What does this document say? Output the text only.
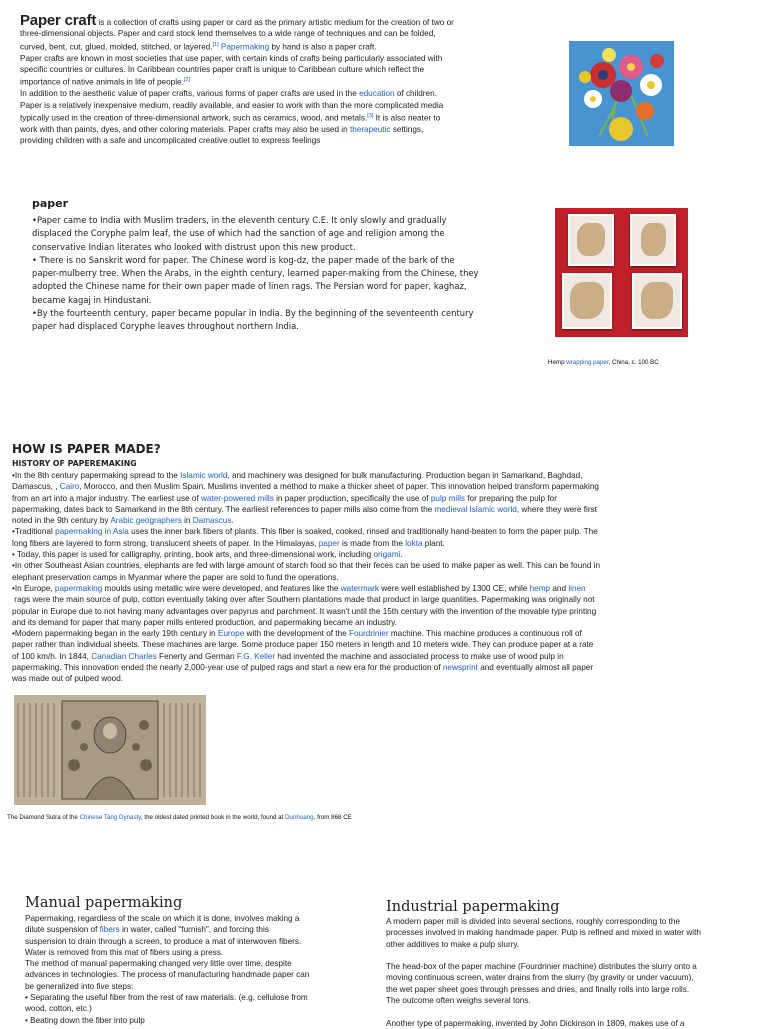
Paper craft is a collection of crafts using paper or card as the primary artistic medium for the creation of two or

three-dimensional objects. Paper and card stock lend themselves to a wide range of techniques and can be folded,

curved, bent, cut, glued, molded, stitched, or layered.[1] Papermaking by hand is also a paper craft.

Paper crafts are known in most societies that use paper, with certain kinds of crafts being particularly associated with

specific countries or cultures. In Caribbean countries paper craft is unique to Caribbean culture which reflect the

importance of native animals in life of people.[2]

In addition to the aesthetic value of paper crafts, various forms of paper crafts are used in the education of children.

Paper is a relatively inexpensive medium, readily available, and easier to work with than the more complicated media

typically used in the creation of three-dimensional artwork, such as ceramics, wood, and metals.[3] It is also neater to

work with than paints, dyes, and other coloring materials. Paper crafts may also be used in therapeutic settings,

providing children with a safe and uncomplicated creative outlet to express feelings

paper

•Paper came to India with Muslim traders, in the eleventh century C.E. It only slowly and gradually

displaced the Coryphe palm leaf, the use of which had the sanction of age and religion among the

conservative Indian literates who looked with distrust upon this new product.

• There is no Sanskrit word for paper. The Chinese word is kog-dz, the paper made of the bark of the

paper-mulberry tree. When the Arabs, in the eighth century, learned paper-making from the Chinese, they

adopted the Chinese name for their own paper made of linen rags. The Persian word for paper, kaghaz,

became kagaj in Hindustani.

•By the fourteenth century, paper became popular in India. By the beginning of the seventeenth century

paper had displaced Coryphe leaves throughout northern India.

Hemp wrapping paper, China, c. 100 BC
HOW IS PAPER MADE?
HISTORY OF PAPEREMAKING

•In the 8th century papermaking spread to the Islamic world, and machinery was designed for bulk manufacturing. Production began in Samarkand, Baghdad,

Damascus, , Cairo, Morocco, and then Muslim Spain. Muslims invented a method to make a thicker sheet of paper. This innovation helped transform papermaking

from an art into a major industry. The earliest use of water-powered mills in paper production, specifically the use of pulp mills for preparing the pulp for

papermaking, dates back to Samarkand in the 8th century. The earliest references to paper mills also come from the medieval Islamic world, where they were first

noted in the 9th century by Arabic geographers in Damascus.

•Traditional papermaking in Asia uses the inner bark fibers of plants. This fiber is soaked, cooked, rinsed and traditionally hand-beaten to form the paper pulp. The

long fibers are layered to form strong, translucent sheets of paper. In the Himalayas, paper is made from the lokta plant.

• Today, this paper is used for calligraphy, printing, book arts, and three-dimensional work, including origami.

•In other Southeast Asian countries, elephants are fed with large amount of starch food so that their feces can be used to make paper as well. This can be found in

elephant preservation camps in Myanmar where the paper are sold to fund the operations.

•In Europe, papermaking moulds using metallic wire were developed, and features like the watermark were well established by 1300 CE, while hemp and linen

rags were the main source of pulp, cotton eventually taking over after Southern plantations made that product in large quantities. Papermaking was originally not

popular in Europe due to not having many advantages over papyrus and parchment. It wasn't until the 15th century with the invention of the movable type printing

and its demand for paper that many paper mills entered production, and papermaking became an industry.

•Modern papermaking began in the early 19th century in Europe with the development of the Fourdrinier machine. This machine produces a continuous roll of

paper rather than individual sheets. These machines are large. Some produce paper 150 meters in length and 10 meters wide. They can produce paper at a rate

of 100 km/h. In 1844, Canadian Charles Fenerty and German F.G. Keller had invented the machine and associated process to make use of wood pulp in

papermaking. This innovation ended the nearly 2,000-year use of pulped rags and start a new era for the production of newsprint and eventually almost all paper

was made out of pulped wood.

The Diamond Sutra of the Chinese Tang Dynasty, the oldest dated printed book in the world, found at Dunhuang, from 868 CE
Manual papermaking

Papermaking, regardless of the scale on which it is done, involves making a

dilute suspension of fibers in water, called "furnish", and forcing this

suspension to drain through a screen, to produce a mat of interwoven fibers.

Water is removed from this mat of fibers using a press.

The method of manual papermaking changed very little over time, despite

advances in technologies. The process of manufacturing handmade paper can

be generalized into five steps:

• Separating the useful fiber from the rest of raw materials. (e.g. cellulose from

wood, cotton, etc.)

• Beating down the fiber into pulp

Industrial papermaking

A modern paper mill is divided into several sections, roughly corresponding to the

processes involved in making handmade paper. Pulp is refined and mixed in water with

other additives to make a pulp slurry.

The head-box of the paper machine (Fourdrinier machine) distributes the slurry onto a

moving continuous screen, water drains from the slurry (by gravity or under vacuum),

the wet paper sheet goes through presses and dries, and finally rolls into large rolls.

The outcome often weighs several tons.

Another type of papermaking, invented by John Dickinson in 1809, makes use of a
